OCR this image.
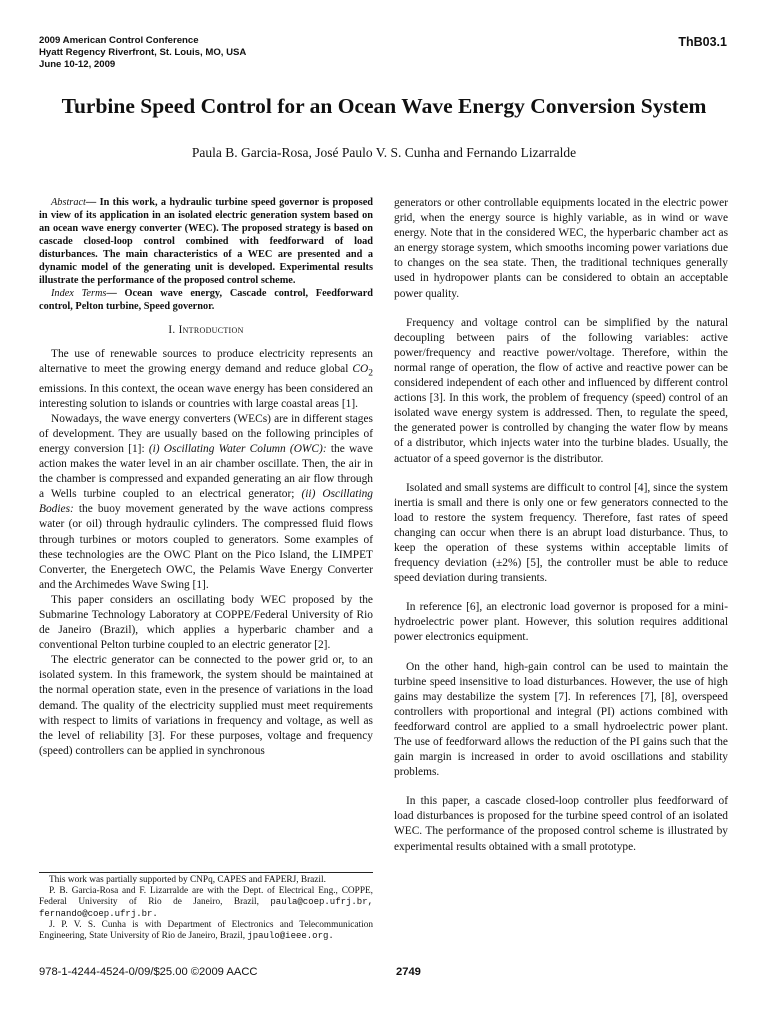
2009 American Control Conference
Hyatt Regency Riverfront, St. Louis, MO, USA
June 10-12, 2009
ThB03.1
Turbine Speed Control for an Ocean Wave Energy Conversion System
Paula B. Garcia-Rosa, José Paulo V. S. Cunha and Fernando Lizarralde

Abstract— In this work, a hydraulic turbine speed governor is proposed in view of its application in an isolated electric generation system based on an ocean wave energy converter (WEC). The proposed strategy is based on cascade closed-loop control combined with feedforward of load disturbances. The main characteristics of a WEC are presented and a dynamic model of the generating unit is developed. Experimental results illustrate the performance of the proposed control scheme.

Index Terms— Ocean wave energy, Cascade control, Feedforward control, Pelton turbine, Speed governor.

I. Introduction

The use of renewable sources to produce electricity represents an alternative to meet the growing energy demand and reduce global $CO_2$ emissions. In this context, the ocean wave energy has been considered an interesting solution to islands or countries with large coastal areas [1].

Nowadays, the wave energy converters (WECs) are in different stages of development. They are usually based on the following principles of energy conversion [1]: (i) Oscillating Water Column (OWC): the wave action makes the water level in an air chamber oscillate. Then, the air in the chamber is compressed and expanded generating an air flow through a Wells turbine coupled to an electrical generator; (ii) Oscillating Bodies: the buoy movement generated by the wave actions compress water (or oil) through hydraulic cylinders. The compressed fluid flows through turbines or motors coupled to generators. Some examples of these technologies are the OWC Plant on the Pico Island, the LIMPET Converter, the Energetech OWC, the Pelamis Wave Energy Converter and the Archimedes Wave Swing [1].

This paper considers an oscillating body WEC proposed by the Submarine Technology Laboratory at COPPE/Federal University of Rio de Janeiro (Brazil), which applies a hyperbaric chamber and a conventional Pelton turbine coupled to an electric generator [2].

The electric generator can be connected to the power grid or, to an isolated system. In this framework, the system should be maintained at the normal operation state, even in the presence of variations in the load demand. The quality of the electricity supplied must meet requirements with respect to limits of variations in frequency and voltage, as well as the level of reliability [3]. For these purposes, voltage and frequency (speed) controllers can be applied in synchronous

generators or other controllable equipments located in the electric power grid, when the energy source is highly variable, as in wind or wave energy. Note that in the considered WEC, the hyperbaric chamber act as an energy storage system, which smooths incoming power variations due to changes on the sea state. Then, the traditional techniques generally used in hydropower plants can be considered to obtain an acceptable power quality.

Frequency and voltage control can be simplified by the natural decoupling between pairs of the following variables: active power/frequency and reactive power/voltage. Therefore, within the normal range of operation, the flow of active and reactive power can be considered independent of each other and influenced by different control actions [3]. In this work, the problem of frequency (speed) control of an isolated wave energy system is addressed. Then, to regulate the speed, the generated power is controlled by changing the water flow by means of a distributor, which injects water into the turbine blades. Usually, the actuator of a speed governor is the distributor.

Isolated and small systems are difficult to control [4], since the system inertia is small and there is only one or few generators connected to the load to restore the system frequency. Therefore, fast rates of speed changing can occur when there is an abrupt load disturbance. Thus, to keep the operation of these systems within acceptable limits of frequency deviation (±2%) [5], the controller must be able to reduce speed deviation during transients.

In reference [6], an electronic load governor is proposed for a mini-hydroelectric power plant. However, this solution requires additional power electronics equipment.

On the other hand, high-gain control can be used to maintain the turbine speed insensitive to load disturbances. However, the use of high gains may destabilize the system [7]. In references [7], [8], overspeed controllers with proportional and integral (PI) actions combined with feedforward control are applied to a small hydroelectric power plant. The use of feedforward allows the reduction of the PI gains such that the gain margin is increased in order to avoid oscillations and stability problems.

In this paper, a cascade closed-loop controller plus feedforward of load disturbances is proposed for the turbine speed control of an isolated WEC. The performance of the proposed control scheme is illustrated by experimental results obtained with a small prototype.

This work was partially supported by CNPq, CAPES and FAPERJ, Brazil.

P. B. Garcia-Rosa and F. Lizarralde are with the Dept. of Electrical Eng., COPPE, Federal University of Rio de Janeiro, Brazil, paula@coep.ufrj.br, fernando@coep.ufrj.br.

J. P. V. S. Cunha is with Department of Electronics and Telecommunication Engineering, State University of Rio de Janeiro, Brazil, jpaulo@ieee.org.

978-1-4244-4524-0/09/$25.00 ©2009 AACC	2749
